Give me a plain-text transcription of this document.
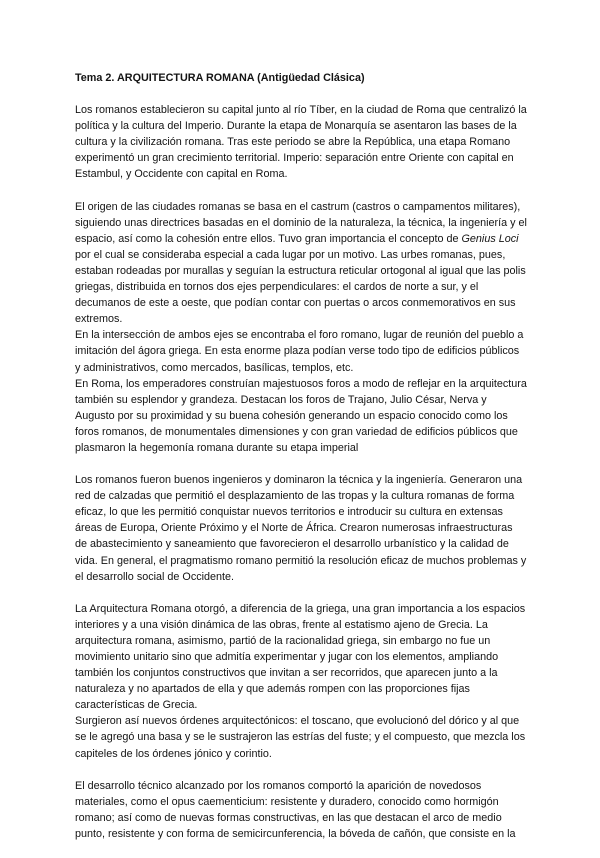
Tema 2. ARQUITECTURA ROMANA (Antigüedad Clásica)

Los romanos establecieron su capital junto al río Tíber, en la ciudad de Roma que centralizó la política y la cultura del Imperio. Durante la etapa de Monarquía se asentaron las bases de la cultura y la civilización romana. Tras este periodo se abre la República, una etapa Romano experimentó un gran crecimiento territorial. Imperio: separación entre Oriente con capital en Estambul, y Occidente con capital en Roma.

El origen de las ciudades romanas se basa en el castrum (castros o campamentos militares), siguiendo unas directrices basadas en el dominio de la naturaleza, la técnica, la ingeniería y el espacio, así como la cohesión entre ellos. Tuvo gran importancia el concepto de Genius Loci por el cual se consideraba especial a cada lugar por un motivo. Las urbes romanas, pues, estaban rodeadas por murallas y seguían la estructura reticular ortogonal al igual que las polis griegas, distribuida en tornos dos ejes perpendiculares: el cardos de norte a sur, y el decumanos de este a oeste, que podían contar con puertas o arcos conmemorativos en sus extremos.

En la intersección de ambos ejes se encontraba el foro romano, lugar de reunión del pueblo a imitación del ágora griega. En esta enorme plaza podían verse todo tipo de edificios públicos y administrativos, como mercados, basílicas, templos, etc.

En Roma, los emperadores construían majestuosos foros a modo de reflejar en la arquitectura también su esplendor y grandeza. Destacan los foros de Trajano, Julio César, Nerva y Augusto por su proximidad y su buena cohesión generando un espacio conocido como los foros romanos, de monumentales dimensiones y con gran variedad de edificios públicos que plasmaron la hegemonía romana durante su etapa imperial

Los romanos fueron buenos ingenieros y dominaron la técnica y la ingeniería. Generaron una red de calzadas que permitió el desplazamiento de las tropas y la cultura romanas de forma eficaz, lo que les permitió conquistar nuevos territorios e introducir su cultura en extensas áreas de Europa, Oriente Próximo y el Norte de África. Crearon numerosas infraestructuras de abastecimiento y saneamiento que favorecieron el desarrollo urbanístico y la calidad de vida. En general, el pragmatismo romano permitió la resolución eficaz de muchos problemas y el desarrollo social de Occidente.

La Arquitectura Romana otorgó, a diferencia de la griega, una gran importancia a los espacios interiores y a una visión dinámica de las obras, frente al estatismo ajeno de Grecia. La arquitectura romana, asimismo, partió de la racionalidad griega, sin embargo no fue un movimiento unitario sino que admitía experimentar y jugar con los elementos, ampliando también los conjuntos constructivos que invitan a ser recorridos, que aparecen junto a la naturaleza y no apartados de ella y que además rompen con las proporciones fijas características de Grecia.

Surgieron así nuevos órdenes arquitectónicos: el toscano, que evolucionó del dórico y al que se le agregó una basa y se le sustrajeron las estrías del fuste; y el compuesto, que mezcla los capiteles de los órdenes jónico y corintio.

El desarrollo técnico alcanzado por los romanos comportó la aparición de novedosos materiales, como el opus caementicium: resistente y duradero, conocido como hormigón romano; así como de nuevas formas constructivas, en las que destacan el arco de medio punto, resistente y con forma de semicircunferencia, la bóveda de cañón, que consiste en la
